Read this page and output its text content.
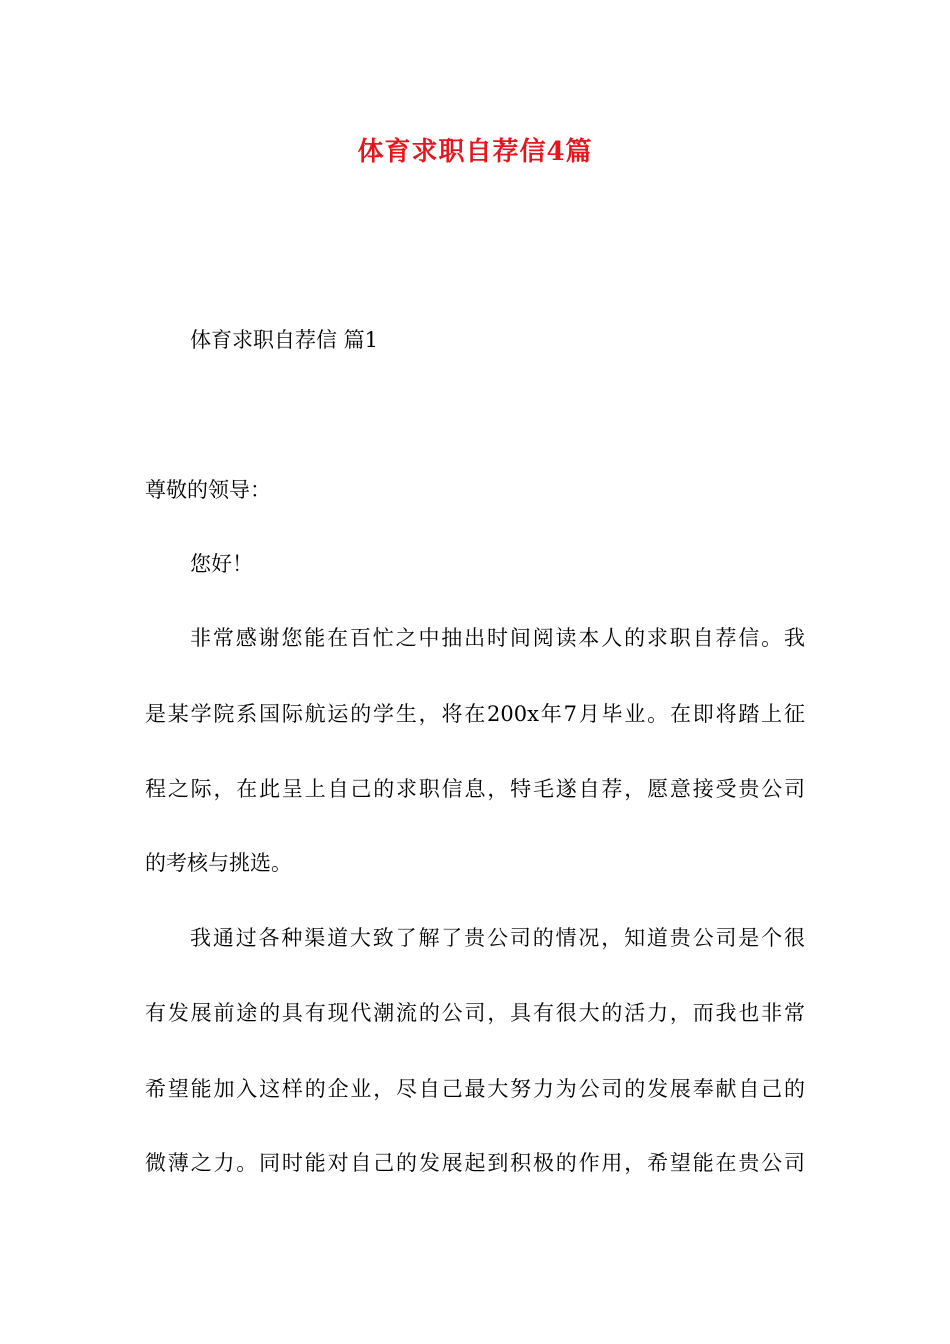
体育求职自荐信4篇
体育求职自荐信 篇1
尊敬的领导：
您好！
非常感谢您能在百忙之中抽出时间阅读本人的求职自荐信。我
是某学院系国际航运的学生，将在200x年7月毕业。在即将踏上征
程之际，在此呈上自己的求职信息，特毛遂自荐，愿意接受贵公司
的考核与挑选。
我通过各种渠道大致了解了贵公司的情况，知道贵公司是个很
有发展前途的具有现代潮流的公司，具有很大的活力，而我也非常
希望能加入这样的企业，尽自己最大努力为公司的发展奉献自己的
微薄之力。同时能对自己的发展起到积极的作用，希望能在贵公司
